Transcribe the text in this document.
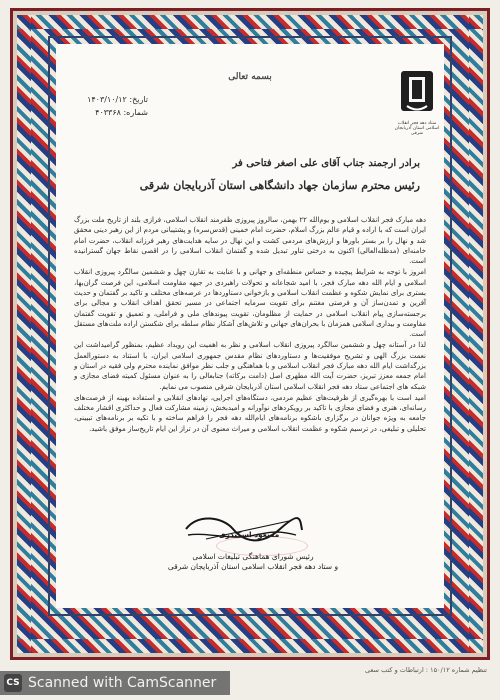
بسمه تعالی
ستاد دهه فجر انقلاب اسلامی استان آذربایجان شرقی
تاریخ: ۱۴۰۳/۱۰/۱۲
شماره: ۴۰۳۳۶۸
برادر ارجمند جناب آقای علی اصغر فتاحی فر
رئیس محترم سازمان جهاد دانشگاهی استان آذربایجان شرقی

دهه مبارک فجر انقلاب اسلامی و یوم‌الله ۲۲ بهمن، سالروز پیروزی ظفرمند انقلاب اسلامی، فرازی بلند از تاریخ ملت بزرگ ایران است که با اراده و قیام عالم بزرگ اسلام، حضرت امام خمینی (قدس‌سره) و پشتیبانی مردم از این رهبر دینی محقق شد و نهال را بر بستر باورها و ارزش‌های مردمی کشت و این نهال در سایه هدایت‌های رهبر فرزانه انقلاب، حضرت امام خامنه‌ای (مدظله‌العالی) اکنون به درختی تناور تبدیل شده و گفتمان انقلاب اسلامی را در اقصی نقاط جهان گسترانیده است.

امروز با توجه به شرایط پیچیده و حساس منطقه‌ای و جهانی و با عنایت به تقارن چهل و ششمین سالگرد پیروزی انقلاب اسلامی و ایام الله دهه مبارک فجر، با امید شجاعانه و تحولات راهبردی در جبهه مقاومت اسلامی، این فرصت گران‌بها، بستری برای نمایش شکوه و عظمت انقلاب اسلامی و بازخوانی دستاوردها در عرصه‌های مختلف و تاکید بر گفتمان و حدیث آفرین و تمدن‌ساز آن و فرصتی مغتنم برای تقویت سرمایه اجتماعی در مسیر تحقق اهداف انقلاب و مجالی برای برجسته‌سازی پیام انقلاب اسلامی در حمایت از مظلومان، تقویت پیوندهای ملی و فراملی، و تعمیق و تقویت گفتمان مقاومت و بیداری اسلامی همزمان با بحران‌های جهانی و تلاش‌های آشکار نظام سلطه برای شکستن اراده ملت‌های مستقل است.

لذا در آستانه چهل و ششمین سالگرد پیروزی انقلاب اسلامی و نظر به اهمیت این رویداد عظیم، بمنظور گرامیداشت این نعمت بزرگ الهی و تشریح موفقیت‌ها و دستاوردهای نظام مقدس جمهوری اسلامی ایران، با استناد به دستورالعمل بزرگداشت ایام الله دهه مبارک فجر انقلاب اسلامی و با هماهنگی و جلب نظر موافق نماینده محترم ولی فقیه در استان و امام جمعه معزز تبریز، حضرت آیت الله مطهری اصل (دامت برکاته) جنابعالی را به عنوان مسئول کمیته فضای مجازی و شبکه های اجتماعی ستاد دهه فجر انقلاب اسلامی استان آذربایجان شرقی منصوب می نمایم.

امید است با بهره‌گیری از ظرفیت‌های عظیم مردمی، دستگاه‌های اجرایی، نهادهای انقلابی و استفاده بهینه از فرصت‌های رسانه‌ای، هنری و فضای مجازی با تاکید بر رویکردهای نوآورانه و امیدبخش، زمینه مشارکت فعال و حداکثری اقشار مختلف جامعه به ویژه جوانان در برگزاری باشکوه برنامه‌های ایام‌الله دهه فجر را فراهم ساخته و با تکیه بر برنامه‌های تبیینی، تحلیلی و تبلیغی، در ترسیم شکوه و عظمت انقلاب اسلامی و میراث معنوی آن در تراز این ایام تاریخ‌ساز موفق باشید.

مسعود اسکندری
رئیس شورای هماهنگی تبلیغات اسلامی
و ستاد دهه فجر انقلاب اسلامی استان آذربایجان شرقی
تنظیم شماره ۱۵۰/۱۲ : ارتباطات و کتب سعی
CS Scanned with CamScanner
